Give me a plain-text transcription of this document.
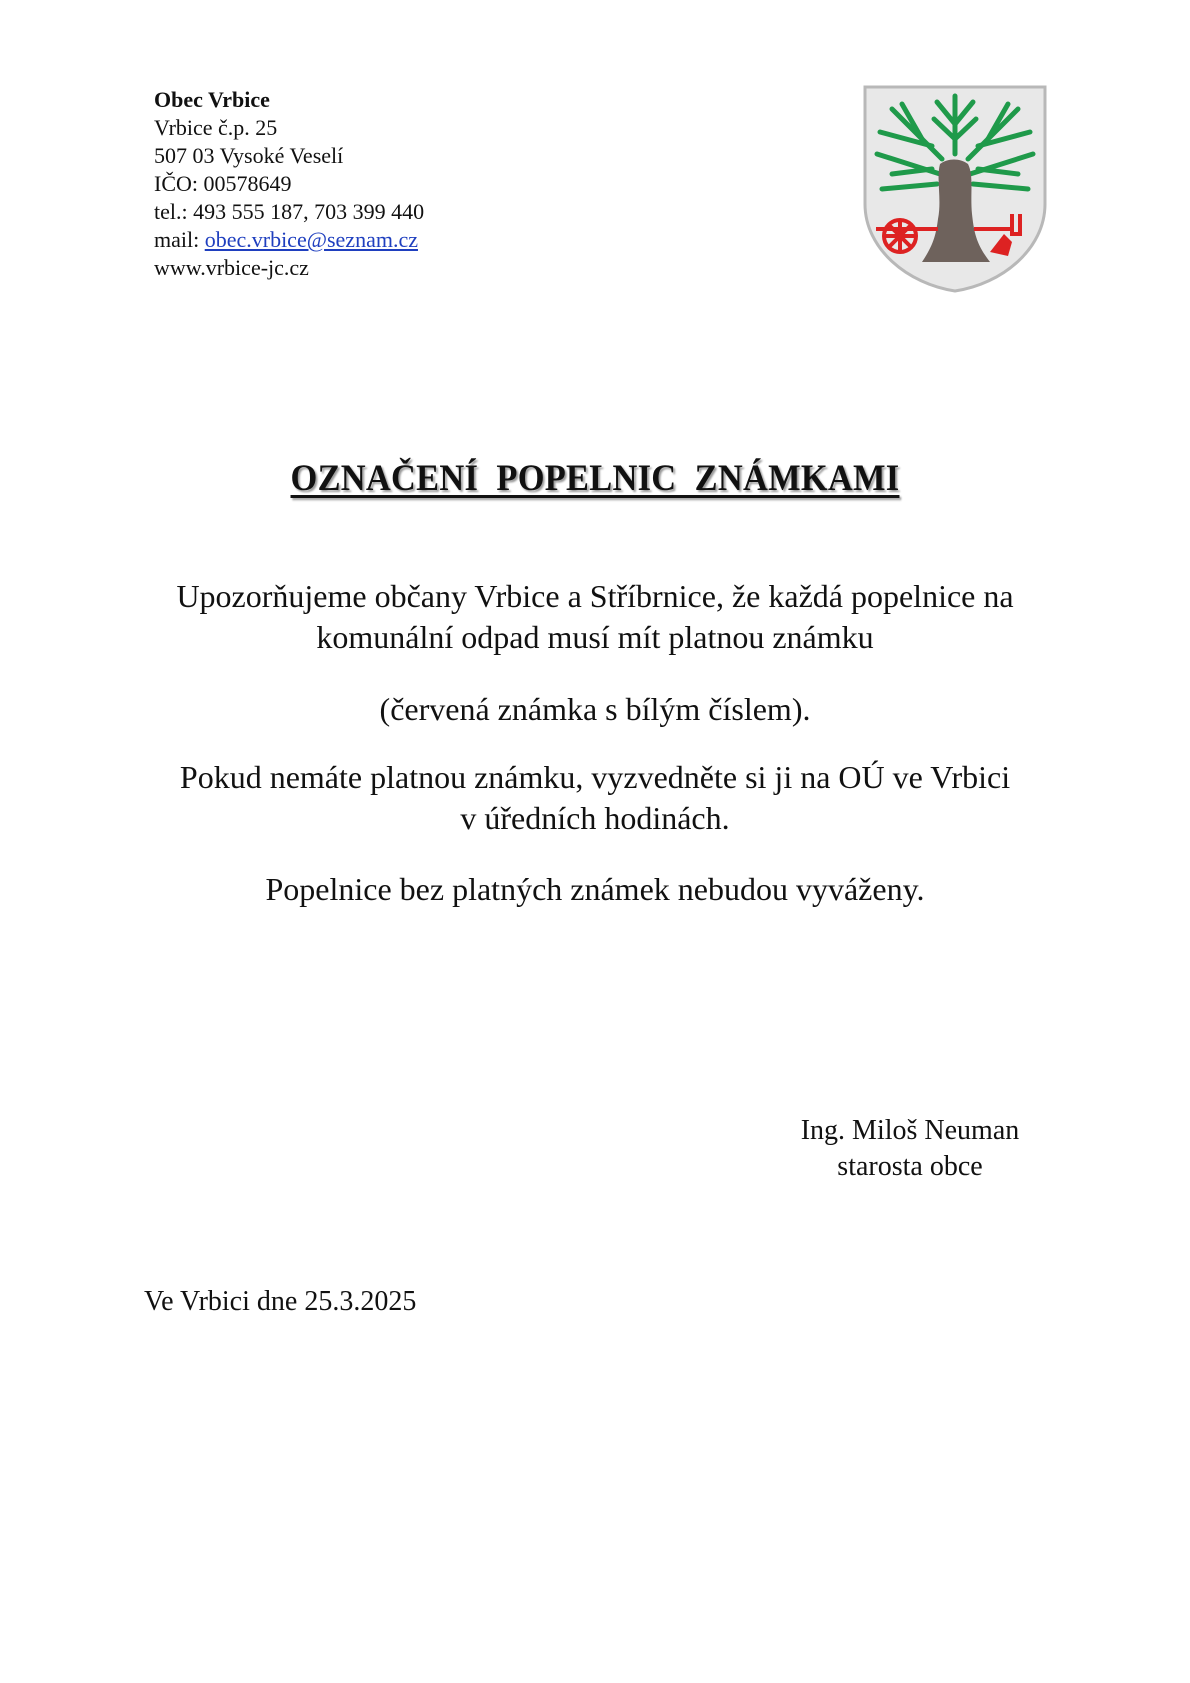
Obec Vrbice
Vrbice č.p. 25
507 03 Vysoké Veselí
IČO: 00578649
tel.: 493 555 187, 703 399 440
mail: obec.vrbice@seznam.cz
www.vrbice-jc.cz
OZNAČENÍ POPELNIC ZNÁMKAMI
Upozorňujeme občany Vrbice a Stříbrnice, že každá popelnice na
komunální odpad musí mít platnou známku
(červená známka s bílým číslem).
Pokud nemáte platnou známku, vyzvedněte si ji na OÚ ve Vrbici
v úředních hodinách.
Popelnice bez platných známek nebudou vyváženy.
Ing. Miloš Neuman
starosta obce
Ve Vrbici dne 25.3.2025
